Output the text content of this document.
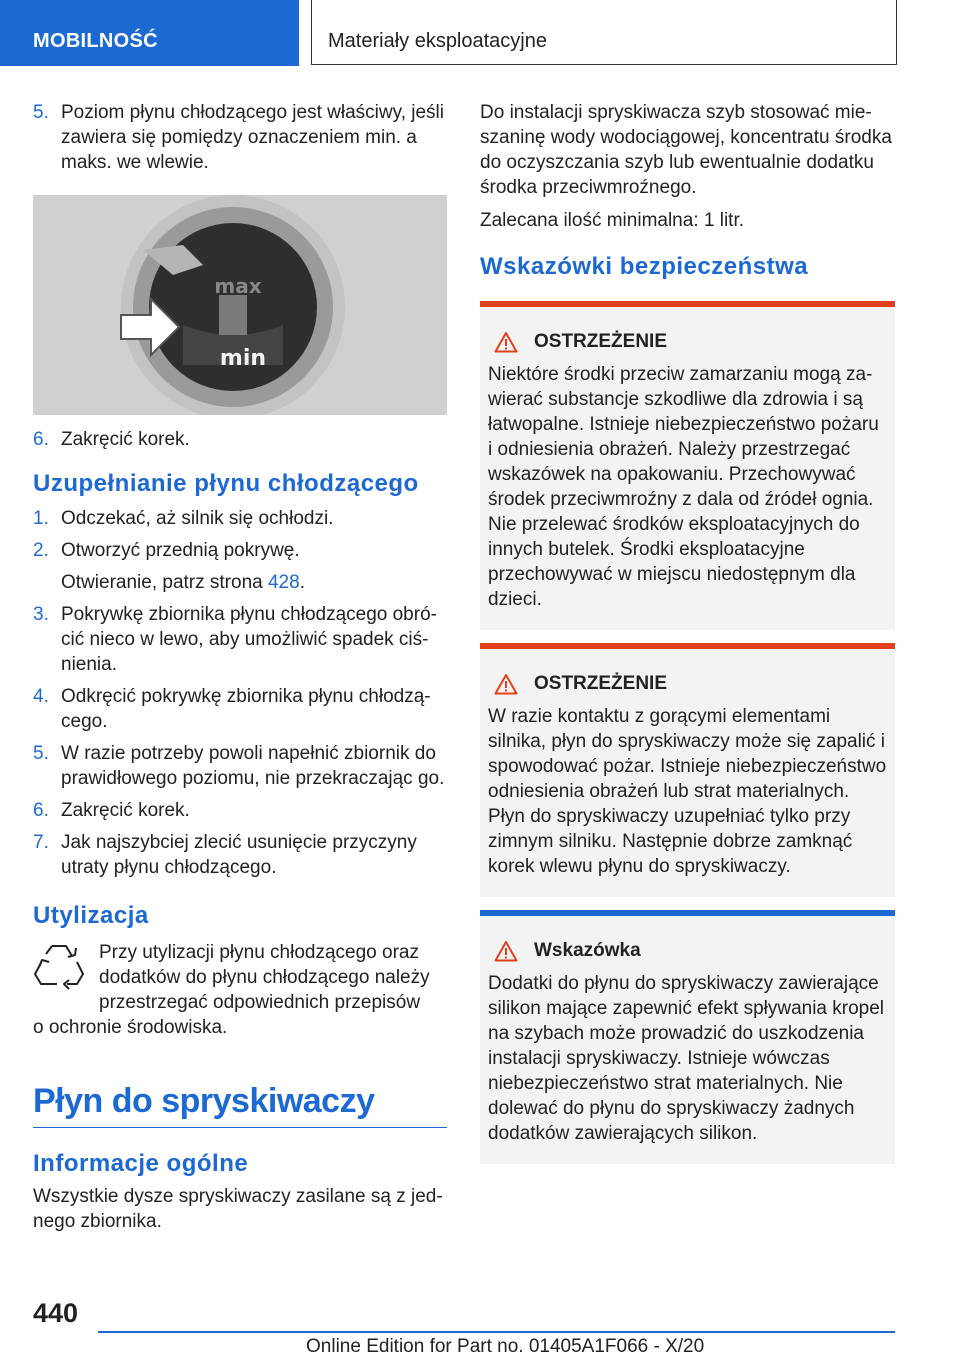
MOBILNOŚĆ	Materiały eksploatacyjne
5. Poziom płynu chłodzącego jest właściwy, jeśli zawiera się pomiędzy oznaczeniem min. a maks. we wlewie.
max
min
6. Zakręcić korek.
Uzupełnianie płynu chłodzącego
1. Odczekać, aż silnik się ochłodzi.
2. Otworzyć przednią pokrywę.
Otwieranie, patrz strona 428.
3. Pokrywkę zbiornika płynu chłodzącego obrócić nieco w lewo, aby umożliwić spadek ciśnienia.
4. Odkręcić pokrywkę zbiornika płynu chłodzącego.
5. W razie potrzeby powoli napełnić zbiornik do prawidłowego poziomu, nie przekraczając go.
6. Zakręcić korek.
7. Jak najszybciej zlecić usunięcie przyczyny utraty płynu chłodzącego.
Utylizacja

Przy utylizacji płynu chłodzącego oraz dodatków do płynu chłodzącego należy przestrzegać odpowiednich przepisów

o ochronie środowiska.

Płyn do spryskiwaczy
Informacje ogólne

Wszystkie dysze spryskiwaczy zasilane są z jednego zbiornika.

Do instalacji spryskiwacza szyb stosować mieszaninę wody wodociągowej, koncentratu środka do oczyszczania szyb lub ewentualnie dodatku środka przeciwmroźnego.

Zalecana ilość minimalna: 1 litr.

Wskazówki bezpieczeństwa
OSTRZEŻENIE

Niektóre środki przeciw zamarzaniu mogą zawierać substancje szkodliwe dla zdrowia i są łatwopalne. Istnieje niebezpieczeństwo pożaru i odniesienia obrażeń. Należy przestrzegać wskazówek na opakowaniu. Przechowywać środek przeciwmroźny z dala od źródeł ognia. Nie przelewać środków eksploatacyjnych do innych butelek. Środki eksploatacyjne przechowywać w miejscu niedostępnym dla dzieci.

OSTRZEŻENIE

W razie kontaktu z gorącymi elementami silnika, płyn do spryskiwaczy może się zapalić i spowodować pożar. Istnieje niebezpieczeństwo odniesienia obrażeń lub strat materialnych. Płyn do spryskiwaczy uzupełniać tylko przy zimnym silniku. Następnie dobrze zamknąć korek wlewu płynu do spryskiwaczy.

Wskazówka

Dodatki do płynu do spryskiwaczy zawierające silikon mające zapewnić efekt spływania kropel na szybach może prowadzić do uszkodzenia instalacji spryskiwaczy. Istnieje wówczas niebezpieczeństwo strat materialnych. Nie dolewać do płynu do spryskiwaczy żadnych dodatków zawierających silikon.

440
Online Edition for Part no. 01405A1F066 - X/20
